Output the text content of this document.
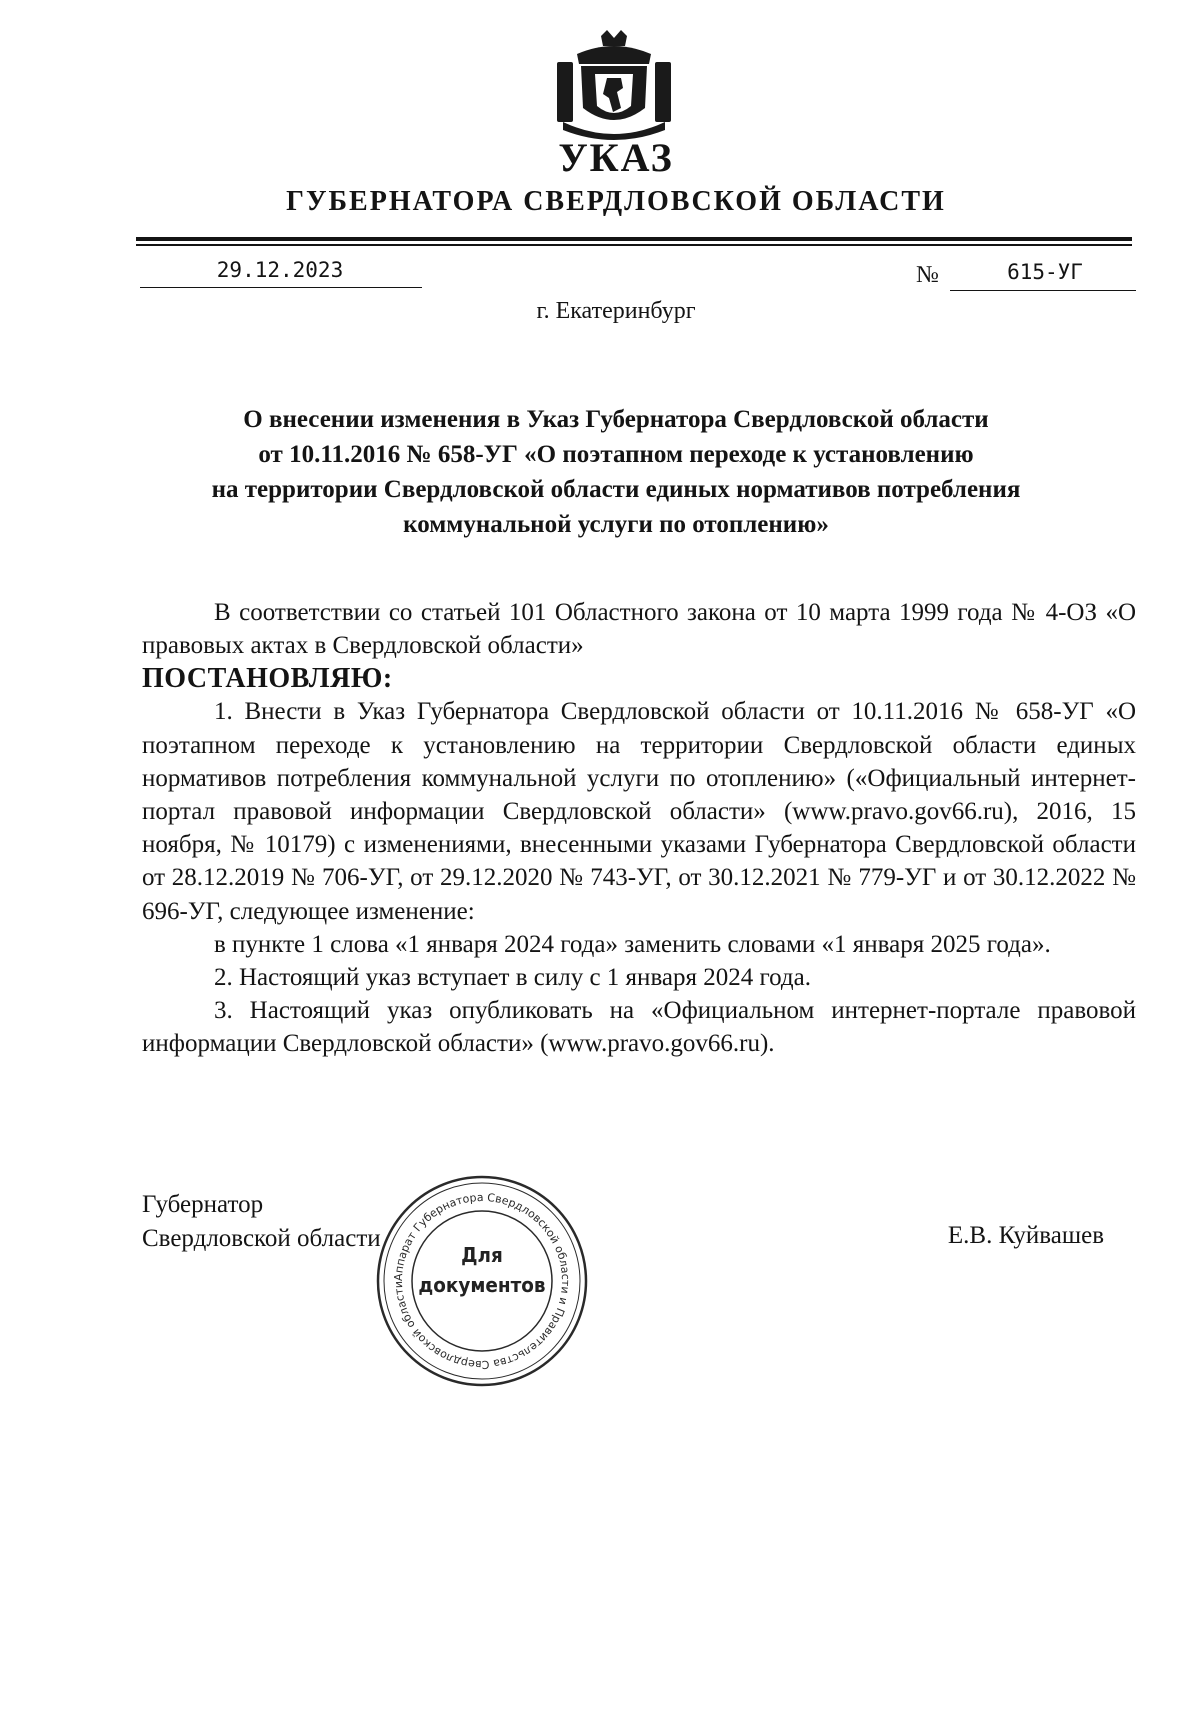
УКАЗ
ГУБЕРНАТОРА СВЕРДЛОВСКОЙ ОБЛАСТИ
29.12.2023	№	615-УГ
г. Екатеринбург
О внесении изменения в Указ Губернатора Свердловской области
от 10.11.2016 № 658-УГ «О поэтапном переходе к установлению
на территории Свердловской области единых нормативов потребления
коммунальной услуги по отоплению»

В соответствии со статьей 101 Областного закона от 10 марта 1999 года № 4-ОЗ «О правовых актах в Свердловской области»

ПОСТАНОВЛЯЮ:

1. Внести в Указ Губернатора Свердловской области от 10.11.2016 № 658-УГ «О поэтапном переходе к установлению на территории Свердловской области единых нормативов потребления коммунальной услуги по отоплению» («Официальный интернет-портал правовой информации Свердловской области» (www.pravo.gov66.ru), 2016, 15 ноября, № 10179) с изменениями, внесенными указами Губернатора Свердловской области от 28.12.2019 № 706-УГ, от 29.12.2020 № 743-УГ, от 30.12.2021 № 779-УГ и от 30.12.2022 № 696-УГ, следующее изменение:

в пункте 1 слова «1 января 2024 года» заменить словами «1 января 2025 года».

2. Настоящий указ вступает в силу с 1 января 2024 года.

3. Настоящий указ опубликовать на «Официальном интернет-портале правовой информации Свердловской области» (www.pravo.gov66.ru).

Губернатор
Свердловской области	Е.В. Куйвашев
Аппарат Губернатора Свердловской области и Правительства Свердловской области
Для
документов
